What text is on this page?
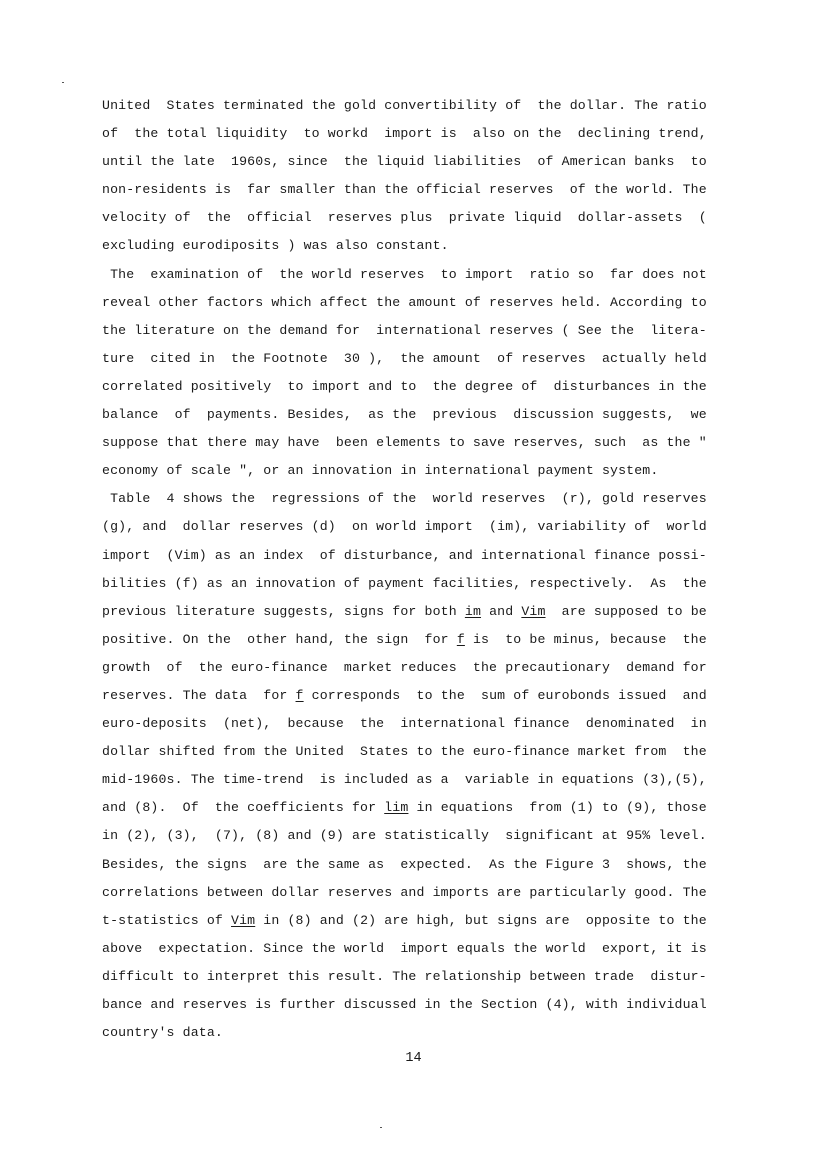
United  States terminated the gold convertibility of  the dollar. The ratio
of  the total liquidity  to workd  import is  also on the  declining trend,
until the late  1960s, since  the liquid liabilities  of American banks  to
non-residents is  far smaller than the official reserves  of the world. The
velocity of  the  official  reserves plus  private liquid  dollar-assets  (
excluding eurodiposits ) was also constant.
The  examination of  the world reserves  to import  ratio so  far does not
reveal other factors which affect the amount of reserves held. According to
the literature on the demand for  international reserves ( See the  litera-
ture  cited in  the Footnote  30 ),  the amount  of reserves  actually held
correlated positively  to import and to  the degree of  disturbances in the
balance  of  payments. Besides,  as the  previous  discussion suggests,  we
suppose that there may have  been elements to save reserves, such  as the "
economy of scale ", or an innovation in international payment system.
Table  4 shows the  regressions of the  world reserves  (r), gold reserves
(g), and  dollar reserves (d)  on world import  (im), variability of  world
import  (Vim) as an index  of disturbance, and international finance possi-
bilities (f) as an innovation of payment facilities, respectively.  As  the
previous literature suggests, signs for both im and Vim  are supposed to be
positive. On the  other hand, the sign  for f is  to be minus, because  the
growth  of  the euro-finance  market reduces  the precautionary  demand for
reserves. The data  for f corresponds  to the  sum of eurobonds issued  and
euro-deposits  (net),  because  the  international finance  denominated  in
dollar shifted from the United  States to the euro-finance market from  the
mid-1960s. The time-trend  is included as a  variable in equations (3),(5),
and (8).  Of  the coefficients for lim in equations  from (1) to (9), those
in (2), (3),  (7), (8) and (9) are statistically  significant at 95% level.
Besides, the signs  are the same as  expected.  As the Figure 3  shows, the
correlations between dollar reserves and imports are particularly good. The
t-statistics of Vim in (8) and (2) are high, but signs are  opposite to the
above  expectation. Since the world  import equals the world  export, it is
difficult to interpret this result. The relationship between trade  distur-
bance and reserves is further discussed in the Section (4), with individual
country's data.
14
